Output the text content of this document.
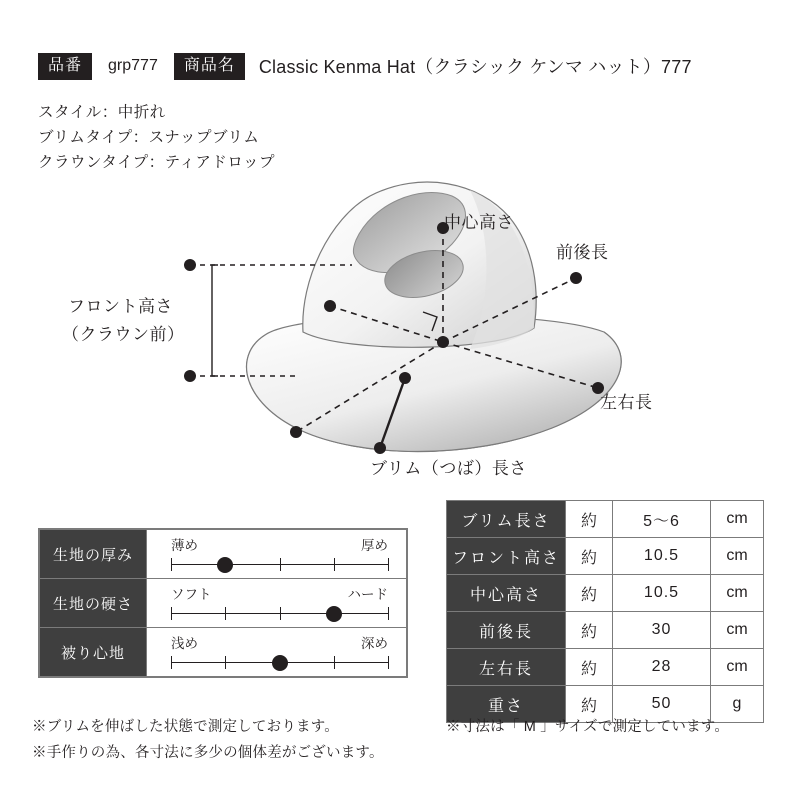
品番	grp777	商品名	Classic Kenma Hat（クラシック ケンマ ハット）777
スタイル：中折れ
ブリムタイプ：スナップブリム
クラウンタイプ：ティアドロップ
中心高さ
前後長
左右長
ブリム（つば）長さ
フロント高さ
（クラウン前）
生地の厚み	薄め 厚め

生地の硬さ	ソフト ハード

被り心地	浅め 深め
ブリム長さ	約	5～6	cm
フロント高さ	約	10.5	cm
中心高さ	約	10.5	cm
前後長	約	30	cm
左右長	約	28	cm
重さ	約	50	g
※ブリムを伸ばした状態で測定しております。
※手作りの為、各寸法に多少の個体差がございます。
※寸法は「 M 」サイズで測定しています。
